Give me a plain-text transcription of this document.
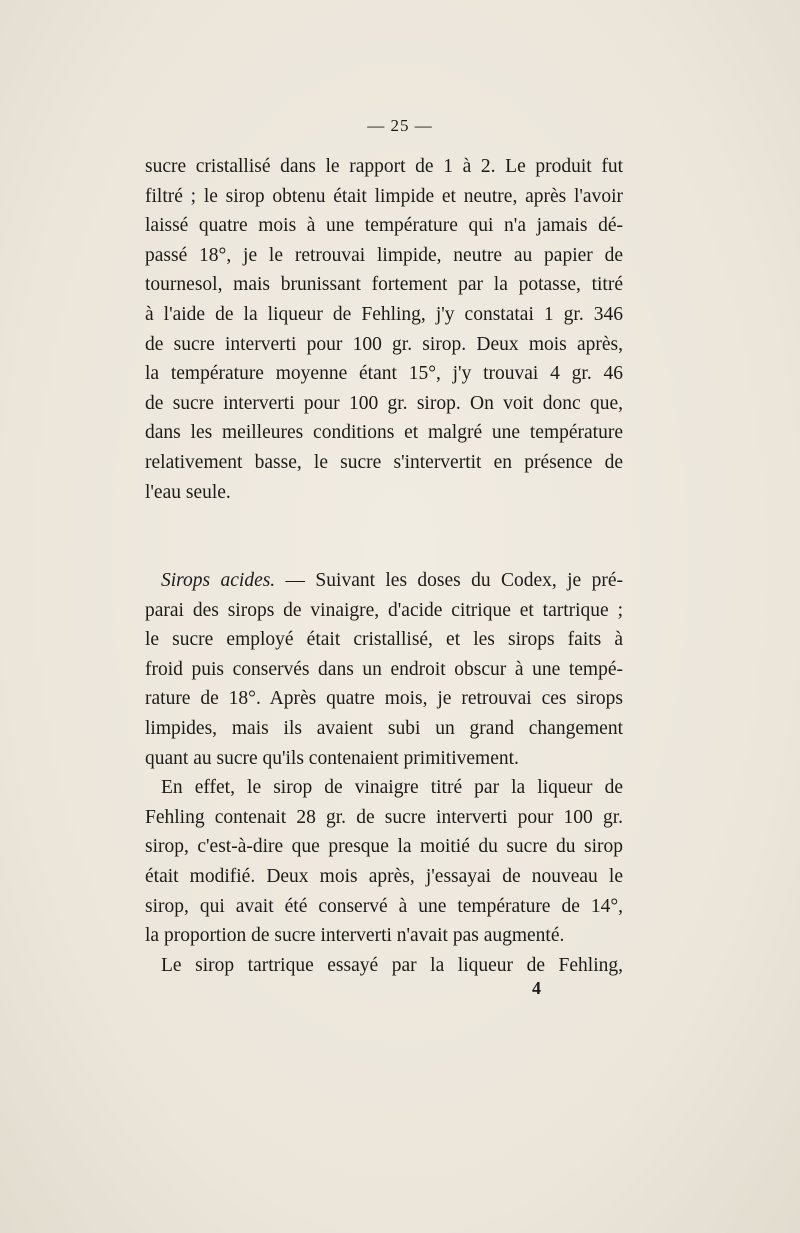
— 25 —
sucre cristallisé dans le rapport de 1 à 2. Le produit fut
filtré ; le sirop obtenu était limpide et neutre, après l'avoir
laissé quatre mois à une température qui n'a jamais dé-
passé 18°, je le retrouvai limpide, neutre au papier de
tournesol, mais brunissant fortement par la potasse, titré
à l'aide de la liqueur de Fehling, j'y constatai 1 gr. 346
de sucre interverti pour 100 gr. sirop. Deux mois après,
la température moyenne étant 15°, j'y trouvai 4 gr. 46
de sucre interverti pour 100 gr. sirop. On voit donc que,
dans les meilleures conditions et malgré une température
relativement basse, le sucre s'intervertit en présence de
l'eau seule.
Sirops acides. — Suivant les doses du Codex, je pré-
parai des sirops de vinaigre, d'acide citrique et tartrique ;
le sucre employé était cristallisé, et les sirops faits à
froid puis conservés dans un endroit obscur à une tempé-
rature de 18°. Après quatre mois, je retrouvai ces sirops
limpides, mais ils avaient subi un grand changement
quant au sucre qu'ils contenaient primitivement.
En effet, le sirop de vinaigre titré par la liqueur de
Fehling contenait 28 gr. de sucre interverti pour 100 gr.
sirop, c'est-à-dire que presque la moitié du sucre du sirop
était modifié. Deux mois après, j'essayai de nouveau le
sirop, qui avait été conservé à une température de 14°,
la proportion de sucre interverti n'avait pas augmenté.
Le sirop tartrique essayé par la liqueur de Fehling,
4
